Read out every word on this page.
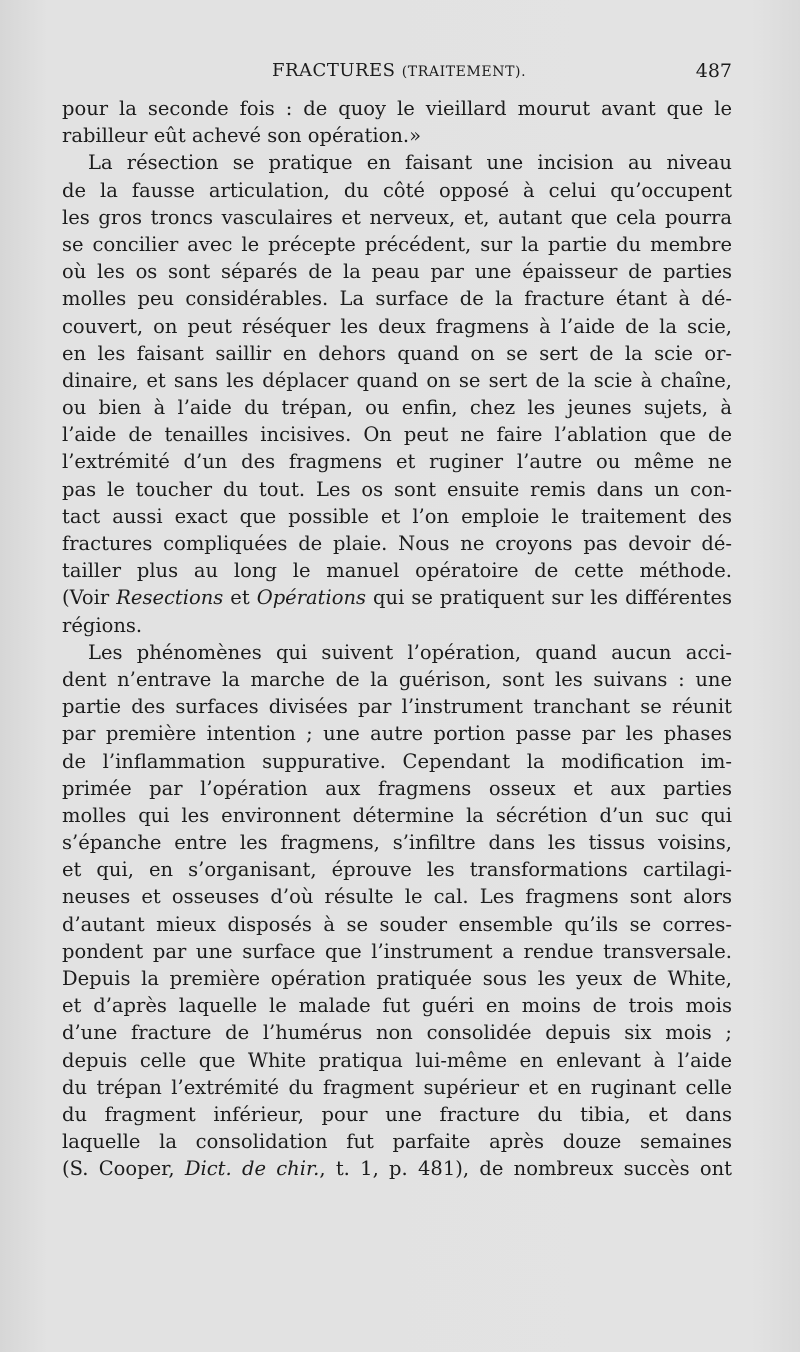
FRACTURES (TRAITEMENT).	487
pour la seconde fois : de quoy le vieillard mourut avant que le
rabilleur eût achevé son opération.»
La résection se pratique en faisant une incision au niveau
de la fausse articulation, du côté opposé à celui qu’occupent
les gros troncs vasculaires et nerveux, et, autant que cela pourra
se concilier avec le précepte précédent, sur la partie du membre
où les os sont séparés de la peau par une épaisseur de parties
molles peu considérables. La surface de la fracture étant à dé-
couvert, on peut réséquer les deux fragmens à l’aide de la scie,
en les faisant saillir en dehors quand on se sert de la scie or-
dinaire, et sans les déplacer quand on se sert de la scie à chaîne,
ou bien à l’aide du trépan, ou enfin, chez les jeunes sujets, à
l’aide de tenailles incisives. On peut ne faire l’ablation que de
l’extrémité d’un des fragmens et ruginer l’autre ou même ne
pas le toucher du tout. Les os sont ensuite remis dans un con-
tact aussi exact que possible et l’on emploie le traitement des
fractures compliquées de plaie. Nous ne croyons pas devoir dé-
tailler plus au long le manuel opératoire de cette méthode.
(Voir Resections et Opérations qui se pratiquent sur les différentes
régions.
Les phénomènes qui suivent l’opération, quand aucun acci-
dent n’entrave la marche de la guérison, sont les suivans : une
partie des surfaces divisées par l’instrument tranchant se réunit
par première intention ; une autre portion passe par les phases
de l’inflammation suppurative. Cependant la modification im-
primée par l’opération aux fragmens osseux et aux parties
molles qui les environnent détermine la sécrétion d’un suc qui
s’épanche entre les fragmens, s’infiltre dans les tissus voisins,
et qui, en s’organisant, éprouve les transformations cartilagi-
neuses et osseuses d’où résulte le cal. Les fragmens sont alors
d’autant mieux disposés à se souder ensemble qu’ils se corres-
pondent par une surface que l’instrument a rendue transversale.
Depuis la première opération pratiquée sous les yeux de White,
et d’après laquelle le malade fut guéri en moins de trois mois
d’une fracture de l’humérus non consolidée depuis six mois ;
depuis celle que White pratiqua lui-même en enlevant à l’aide
du trépan l’extrémité du fragment supérieur et en ruginant celle
du fragment inférieur, pour une fracture du tibia, et dans
laquelle la consolidation fut parfaite après douze semaines
(S. Cooper, Dict. de chir., t. 1, p. 481), de nombreux succès ont
